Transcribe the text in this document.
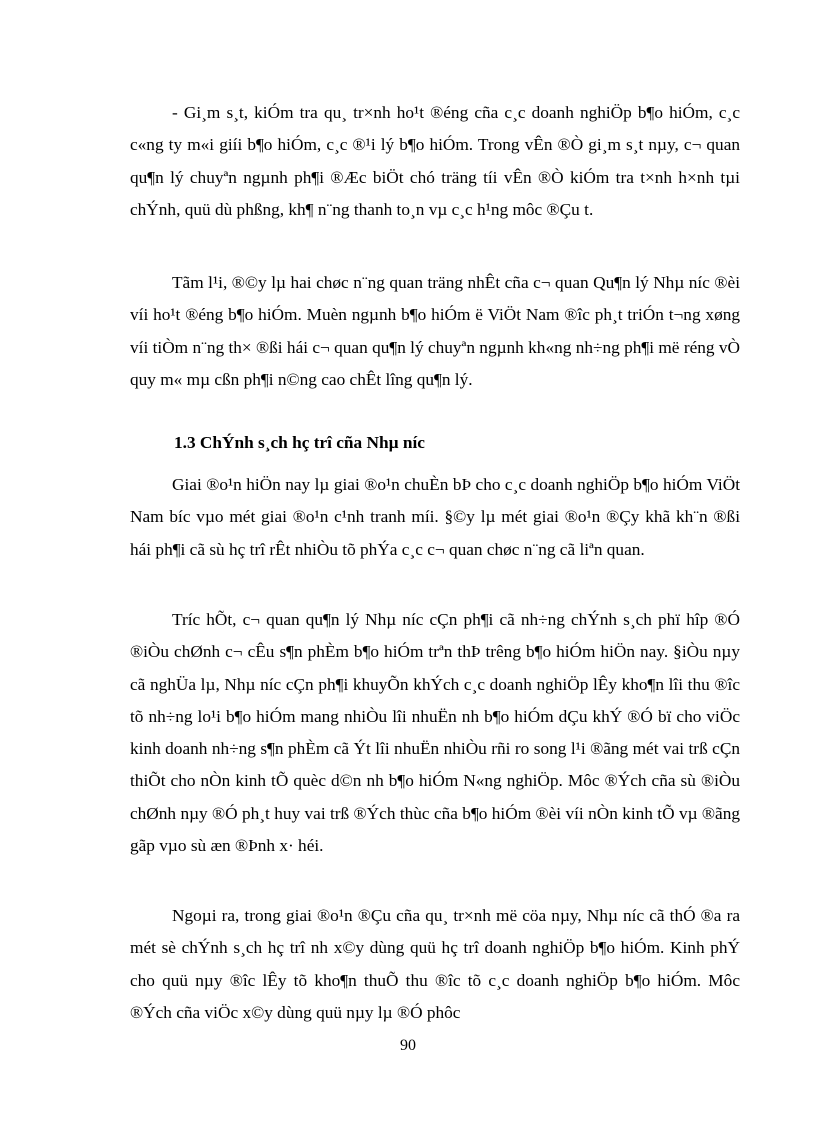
- Gi¸m s¸t, kiÓm tra qu¸ tr×nh ho¹t ®éng cña c¸c doanh nghiÖp b¶o hiÓm, c¸c c«ng ty m«i giíi b¶o hiÓm, c¸c ®¹i lý b¶o hiÓm. Trong vÊn ®Ò gi¸m s¸t nµy, c¬ quan qu¶n lý chuyªn ngµnh ph¶i ®Æc biÖt chó träng tíi vÊn ®Ò kiÓm tra t×nh h×nh tµi chÝnh, quü dù phßng, kh¶ n¨ng thanh to¸n vµ c¸c h¹ng môc ®Çu t.

Tãm l¹i, ®©y lµ hai chøc n¨ng quan träng nhÊt cña c¬ quan Qu¶n lý Nhµ níc ®èi víi ho¹t ®éng b¶o hiÓm. Muèn ngµnh b¶o hiÓm ë ViÖt Nam ®îc ph¸t triÓn t¬ng xøng víi tiÒm n¨ng th× ®ßi hái c¬ quan qu¶n lý chuyªn ngµnh kh«ng nh÷ng ph¶i më réng vÒ quy m« mµ cßn ph¶i n©ng cao chÊt lîng qu¶n lý.

1.3 ChÝnh s¸ch hç trî cña Nhµ níc

Giai ®o¹n hiÖn nay lµ giai ®o¹n chuÈn bÞ cho c¸c doanh nghiÖp b¶o hiÓm ViÖt Nam bíc vµo mét giai ®o¹n c¹nh tranh míi. §©y lµ mét giai ®o¹n ®Çy khã kh¨n ®ßi hái ph¶i cã sù hç trî rÊt nhiÒu tõ phÝa c¸c c¬ quan chøc n¨ng cã liªn quan.

Tríc hÕt, c¬ quan qu¶n lý Nhµ níc cÇn ph¶i cã nh÷ng chÝnh s¸ch phï hîp ®Ó ®iÒu chØnh c¬ cÊu s¶n phÈm b¶o hiÓm trªn thÞ trêng b¶o hiÓm hiÖn nay. §iÒu nµy cã nghÜa lµ, Nhµ níc cÇn ph¶i khuyÕn khÝch c¸c doanh nghiÖp lÊy kho¶n lîi thu ®îc tõ nh÷ng lo¹i b¶o hiÓm mang nhiÒu lîi nhuËn nh b¶o hiÓm dÇu khÝ ®Ó bï cho viÖc kinh doanh nh÷ng s¶n phÈm cã Ýt lîi nhuËn nhiÒu rñi ro song l¹i ®ãng mét vai trß cÇn thiÕt cho nÒn kinh tÕ quèc d©n nh b¶o hiÓm N«ng nghiÖp. Môc ®Ých cña sù ®iÒu chØnh nµy ®Ó ph¸t huy vai trß ®Ých thùc cña b¶o hiÓm ®èi víi nÒn kinh tÕ vµ ®ãng gãp vµo sù æn ®Þnh x· héi.

Ngoµi ra, trong giai ®o¹n ®Çu cña qu¸ tr×nh më cöa nµy, Nhµ níc cã thÓ ®a ra mét sè chÝnh s¸ch hç trî nh x©y dùng quü hç trî doanh nghiÖp b¶o hiÓm. Kinh phÝ cho quü nµy ®îc lÊy tõ kho¶n thuÕ thu ®îc tõ c¸c doanh nghiÖp b¶o hiÓm. Môc ®Ých cña viÖc x©y dùng quü nµy lµ ®Ó phôc

90
